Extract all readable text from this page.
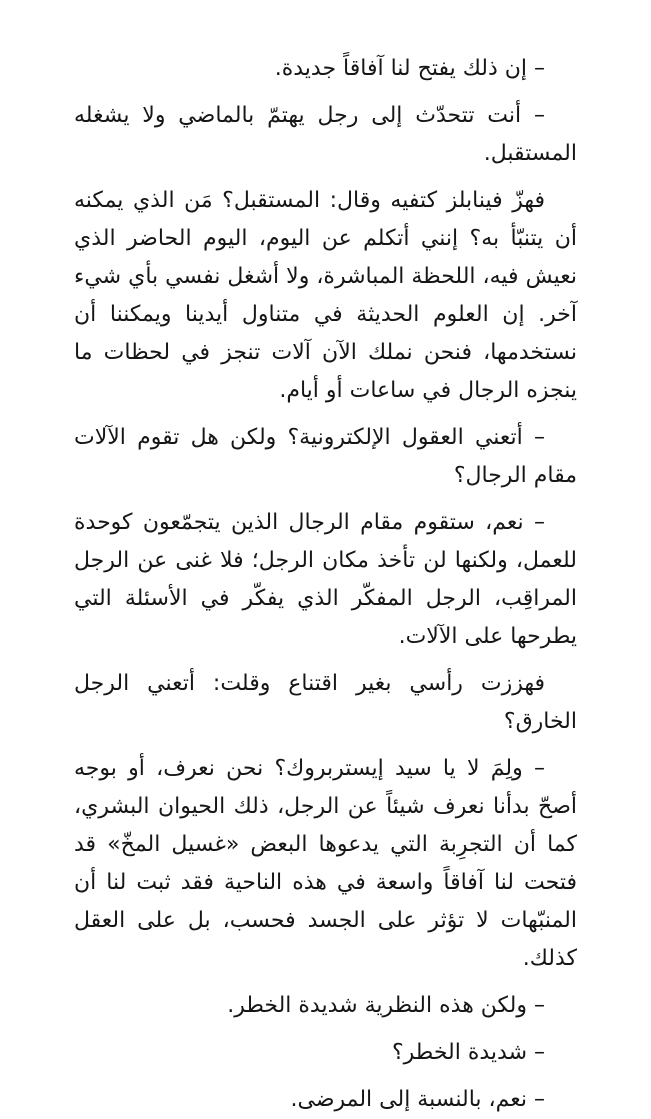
– إن ذلك يفتح لنا آفاقاً جديدة.

– أنت تتحدّث إلى رجل يهتمّ بالماضي ولا يشغله المستقبل.

فهزّ فينابلز كتفيه وقال: المستقبل؟ مَن الذي يمكنه أن يتنبّأ به؟ إنني أتكلم عن اليوم، اليوم الحاضر الذي نعيش فيه، اللحظة المباشرة، ولا أشغل نفسي بأي شيء آخر. إن العلوم الحديثة في متناول أيدينا ويمكننا أن نستخدمها، فنحن نملك الآن آلات تنجز في لحظات ما ينجزه الرجال في ساعات أو أيام.

– أتعني العقول الإلكترونية؟ ولكن هل تقوم الآلات مقام الرجال؟

– نعم، ستقوم مقام الرجال الذين يتجمّعون كوحدة للعمل، ولكنها لن تأخذ مكان الرجل؛ فلا غنى عن الرجل المراقِب، الرجل المفكّر الذي يفكّر في الأسئلة التي يطرحها على الآلات.

فهززت رأسي بغير اقتناع وقلت: أتعني الرجل الخارق؟

– ولِمَ لا يا سيد إيستربروك؟ نحن نعرف، أو بوجه أصحّ بدأنا نعرف شيئاً عن الرجل، ذلك الحيوان البشري، كما أن التجرِبة التي يدعوها البعض «غسيل المخّ» قد فتحت لنا آفاقاً واسعة في هذه الناحية فقد ثبت لنا أن المنبّهات لا تؤثر على الجسد فحسب، بل على العقل كذلك.

– ولكن هذه النظرية شديدة الخطر.

– شديدة الخطر؟

– نعم، بالنسبة إلى المرضى.
